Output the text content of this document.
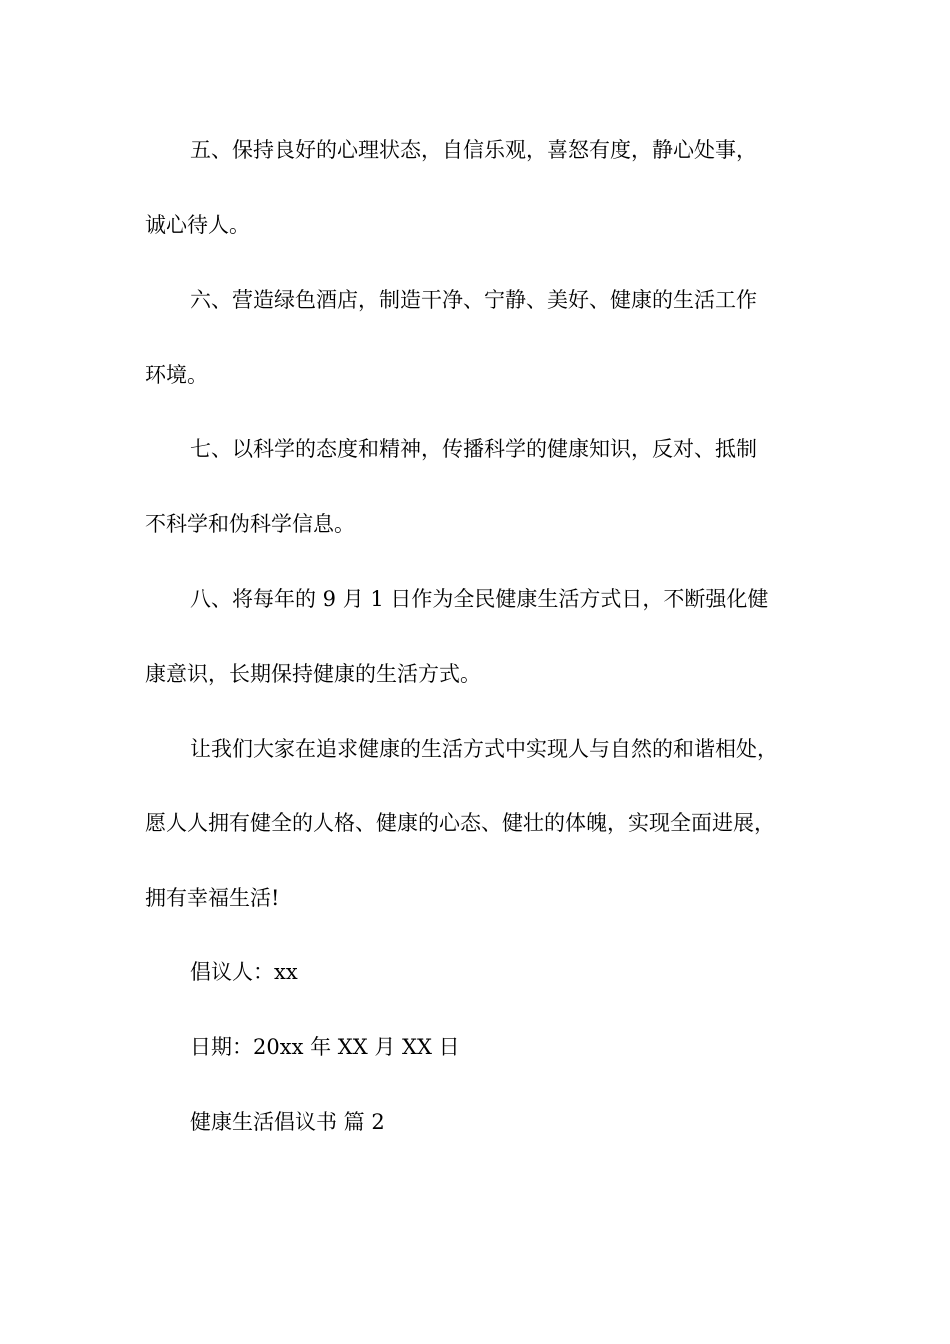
五、保持良好的心理状态，自信乐观，喜怒有度，静心处事，

诚心待人。

六、营造绿色酒店，制造干净、宁静、美好、健康的生活工作

环境。

七、以科学的态度和精神，传播科学的健康知识，反对、抵制

不科学和伪科学信息。

八、将每年的 9 月 1 日作为全民健康生活方式日，不断强化健

康意识，长期保持健康的生活方式。

让我们大家在追求健康的生活方式中实现人与自然的和谐相处，

愿人人拥有健全的人格、健康的心态、健壮的体魄，实现全面进展，

拥有幸福生活!

倡议人：xx

日期：20xx 年 XX 月 XX 日

健康生活倡议书 篇 2
